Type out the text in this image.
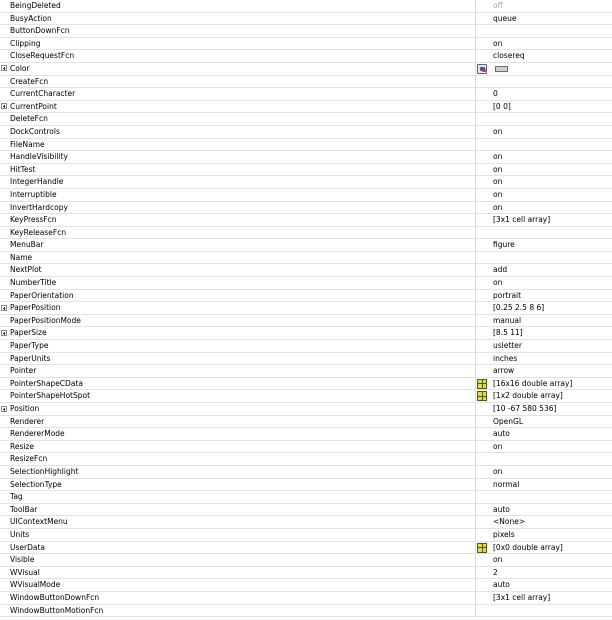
BeingDeleted	off
BusyAction	queue
ButtonDownFcn
Clipping	on
CloseRequestFcn	closereq
Color
CreateFcn
CurrentCharacter	0
CurrentPoint	[0 0]
DeleteFcn
DockControls	on
FileName
HandleVisibility	on
HitTest	on
IntegerHandle	on
Interruptible	on
InvertHardcopy	on
KeyPressFcn	[3x1 cell array]
KeyReleaseFcn
MenuBar	figure
Name
NextPlot	add
NumberTitle	on
PaperOrientation	portrait
PaperPosition	[0.25 2.5 8 6]
PaperPositionMode	manual
PaperSize	[8.5 11]
PaperType	usletter
PaperUnits	inches
Pointer	arrow
PointerShapeCData	[16x16 double array]
PointerShapeHotSpot	[1x2 double array]
Position	[10 -67 580 536]
Renderer	OpenGL
RendererMode	auto
Resize	on
ResizeFcn
SelectionHighlight	on
SelectionType	normal
Tag
ToolBar	auto
UIContextMenu	<None>
Units	pixels
UserData	[0x0 double array]
Visible	on
WVisual	2
WVisualMode	auto
WindowButtonDownFcn	[3x1 cell array]
WindowButtonMotionFcn
